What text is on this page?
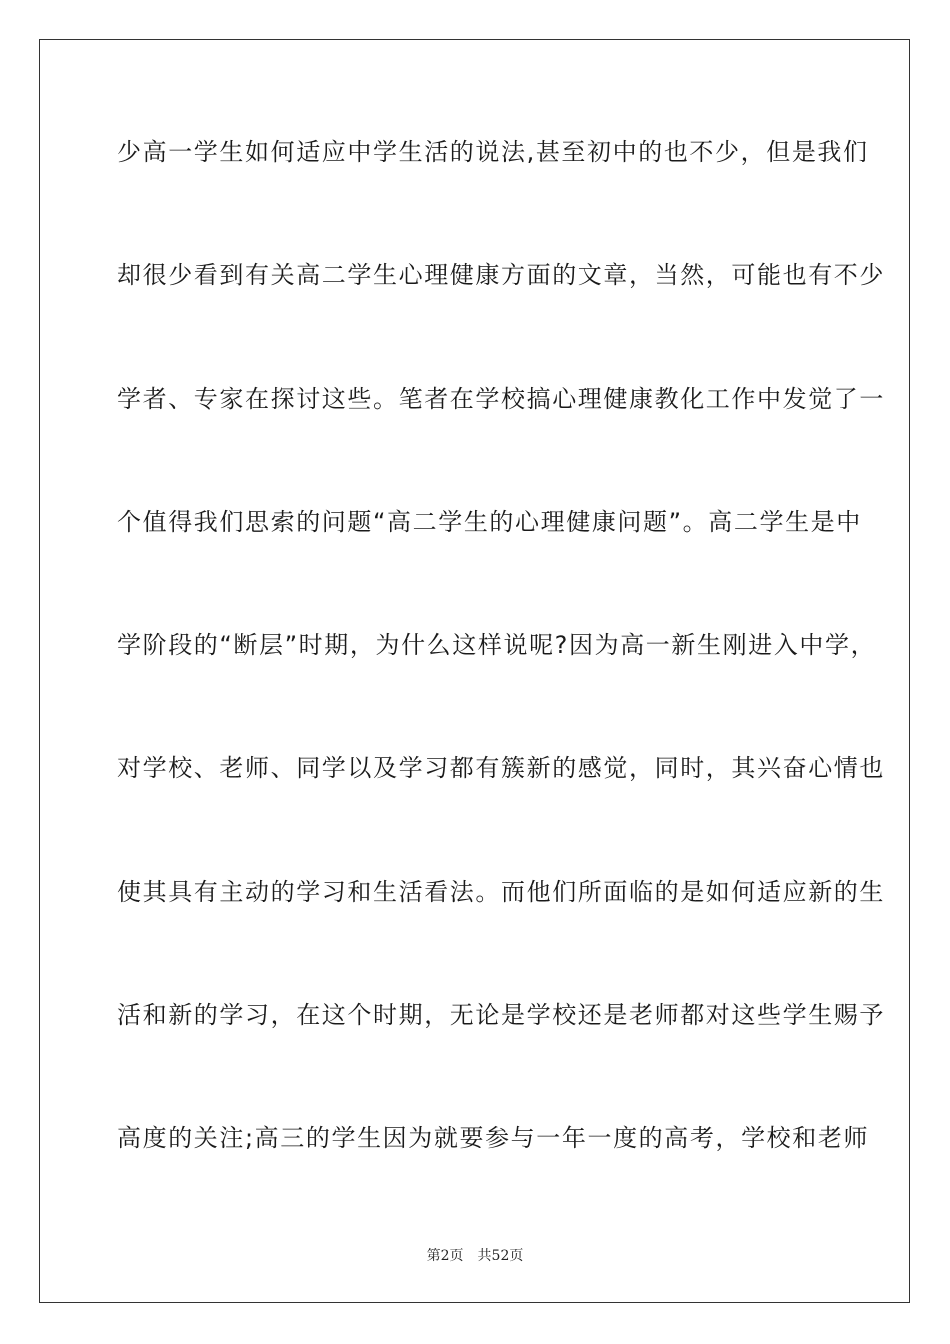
少高一学生如何适应中学生活的说法,甚至初中的也不少，但是我们
却很少看到有关高二学生心理健康方面的文章，当然，可能也有不少
学者、专家在探讨这些。笔者在学校搞心理健康教化工作中发觉了一
个值得我们思索的问题“高二学生的心理健康问题”。高二学生是中
学阶段的“断层”时期，为什么这样说呢?因为高一新生刚进入中学，
对学校、老师、同学以及学习都有簇新的感觉，同时，其兴奋心情也
使其具有主动的学习和生活看法。而他们所面临的是如何适应新的生
活和新的学习，在这个时期，无论是学校还是老师都对这些学生赐予
高度的关注;高三的学生因为就要参与一年一度的高考，学校和老师
第2页 共52页
